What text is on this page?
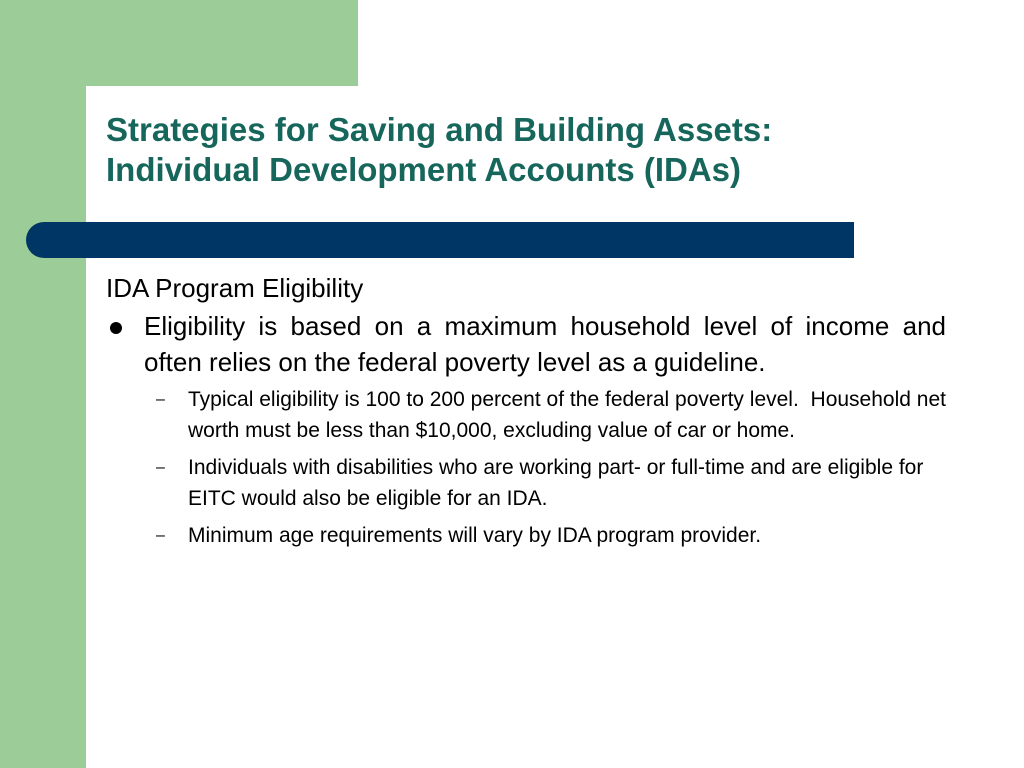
Strategies for Saving and Building Assets:
Individual Development Accounts (IDAs)

IDA Program Eligibility

Eligibility is based on a maximum household level of income and often relies on the federal poverty level as a guideline.
– Typical eligibility is 100 to 200 percent of the federal poverty level.  Household net worth must be less than $10,000, excluding value of car or home.
– Individuals with disabilities who are working part- or full-time and are eligible for EITC would also be eligible for an IDA.
– Minimum age requirements will vary by IDA program provider.
